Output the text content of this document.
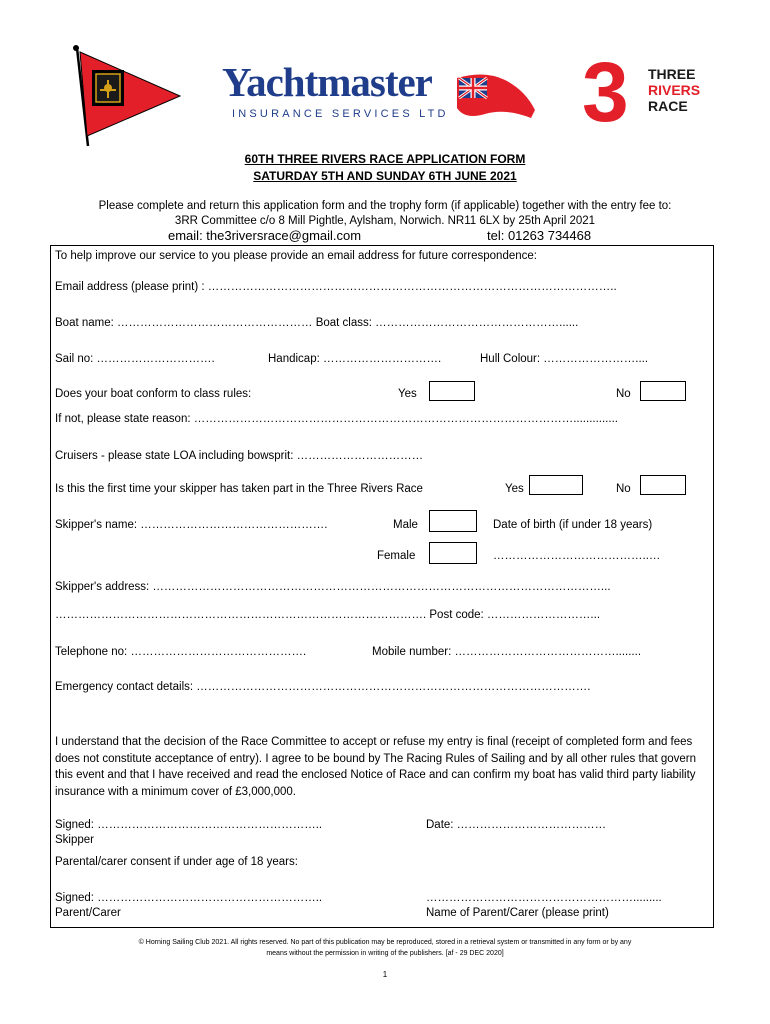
Yachtmaster
INSURANCE SERVICES LTD 3 THREE
RIVERS
RACE
60TH THREE RIVERS RACE APPLICATION FORM
SATURDAY 5TH AND SUNDAY 6TH JUNE 2021
Please complete and return this application form and the trophy form (if applicable) together with the entry fee to:
3RR Committee c/o 8 Mill Pightle, Aylsham, Norwich. NR11 6LX by 25th April 2021
email: the3riversrace@gmail.com	tel: 01263 734468
To help improve our service to you please provide an email address for future correspondence:
Email address (please print) : ……………………………………………………………………………………………..
Boat name: …………………………………………… Boat class: …………………………………………......
Sail no: ………………………….	Handicap: ………………………….	Hull Colour: ……………………....
Does your boat conform to class rules:	Yes	No
If not, please state reason: ………………………………………………………………………………………..............
Cruisers - please state LOA including bowsprit: ……………………………
Is this the first time your skipper has taken part in the Three Rivers Race	Yes	No
Skipper's name: ………………………………………….	Male	Date of birth (if under 18 years)
Female	…………………………………..…
Skipper's address: ………………………………………………………………………………………………………...
……………………………………………………………………………………. Post code: ………………………...
Telephone no: ……………………………………….	Mobile number: ……………………………………........
Emergency contact details: ………………………………………………………………………………………….
I understand that the decision of the Race Committee to accept or refuse my entry is final (receipt of completed form and fees does not constitute acceptance of entry). I agree to be bound by The Racing Rules of Sailing and by all other rules that govern this event and that I have received and read the enclosed Notice of Race and can confirm my boat has valid third party liability insurance with a minimum cover of £3,000,000.
Signed: …………………………………………………..
Skipper
Date: …………………………………
Parental/carer consent if under age of 18 years:
Signed: …………………………………………………..
Parent/Carer
……………………………………………….........
Name of Parent/Carer (please print)
© Horning Sailing Club 2021. All rights reserved. No part of this publication may be reproduced, stored in a retrieval system or transmitted in any form or by any
means without the permission in writing of the publishers. [af - 29 DEC 2020]
1
